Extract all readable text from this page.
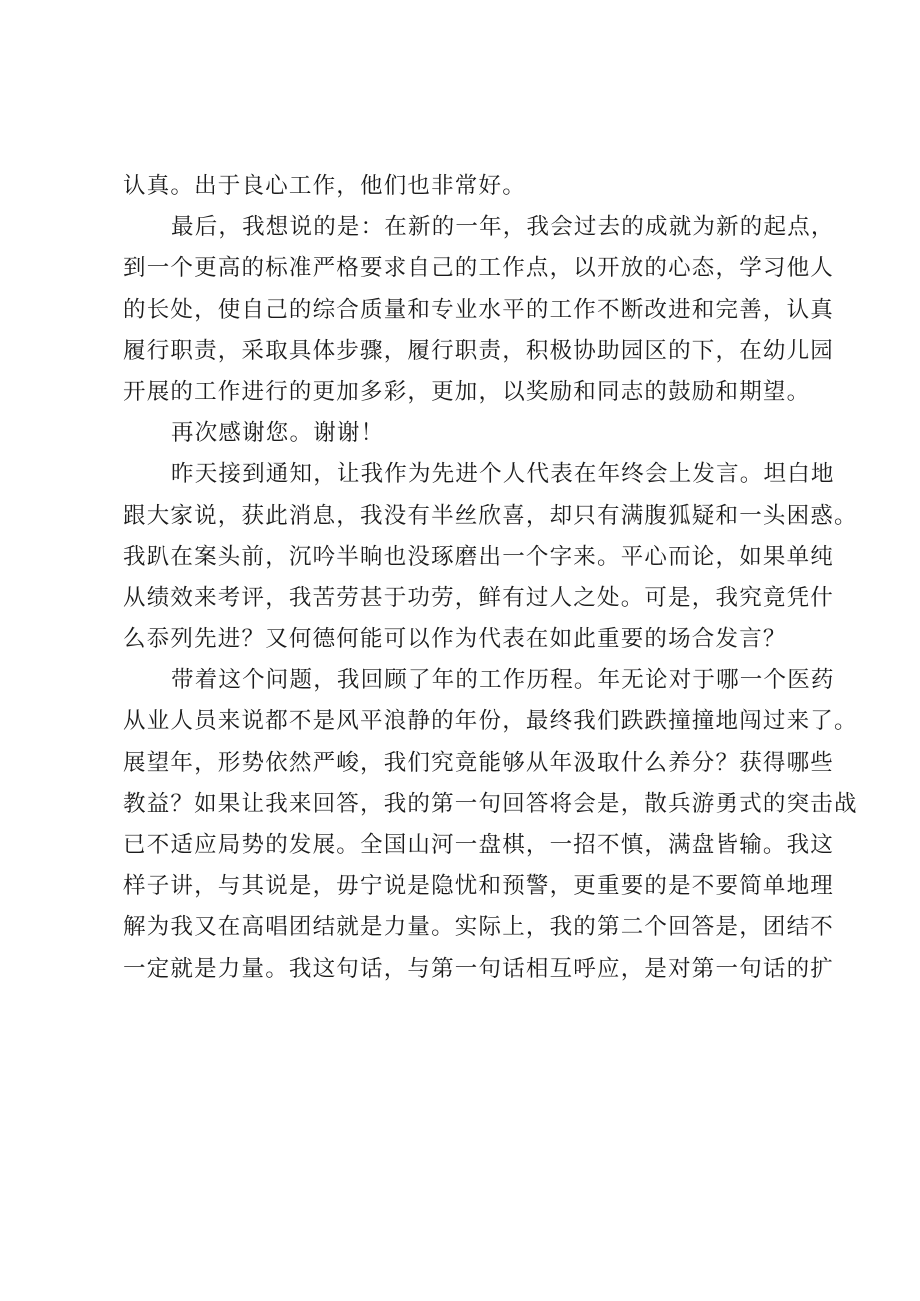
认真。出于良心工作，他们也非常好。
最后，我想说的是：在新的一年，我会过去的成就为新的起点，
到一个更高的标准严格要求自己的工作点，以开放的心态，学习他人
的长处，使自己的综合质量和专业水平的工作不断改进和完善，认真
履行职责，采取具体步骤，履行职责，积极协助园区的下，在幼儿园
开展的工作进行的更加多彩，更加，以奖励和同志的鼓励和期望。
再次感谢您。谢谢！
昨天接到通知，让我作为先进个人代表在年终会上发言。坦白地
跟大家说，获此消息，我没有半丝欣喜，却只有满腹狐疑和一头困惑。
我趴在案头前，沉吟半晌也没琢磨出一个字来。平心而论，如果单纯
从绩效来考评，我苦劳甚于功劳，鲜有过人之处。可是，我究竟凭什
么忝列先进？又何德何能可以作为代表在如此重要的场合发言？
带着这个问题，我回顾了年的工作历程。年无论对于哪一个医药
从业人员来说都不是风平浪静的年份，最终我们跌跌撞撞地闯过来了。
展望年，形势依然严峻，我们究竟能够从年汲取什么养分？获得哪些
教益？如果让我来回答，我的第一句回答将会是，散兵游勇式的突击战
已不适应局势的发展。全国山河一盘棋，一招不慎，满盘皆输。我这
样子讲，与其说是，毋宁说是隐忧和预警，更重要的是不要简单地理
解为我又在高唱团结就是力量。实际上，我的第二个回答是，团结不
一定就是力量。我这句话，与第一句话相互呼应，是对第一句话的扩
